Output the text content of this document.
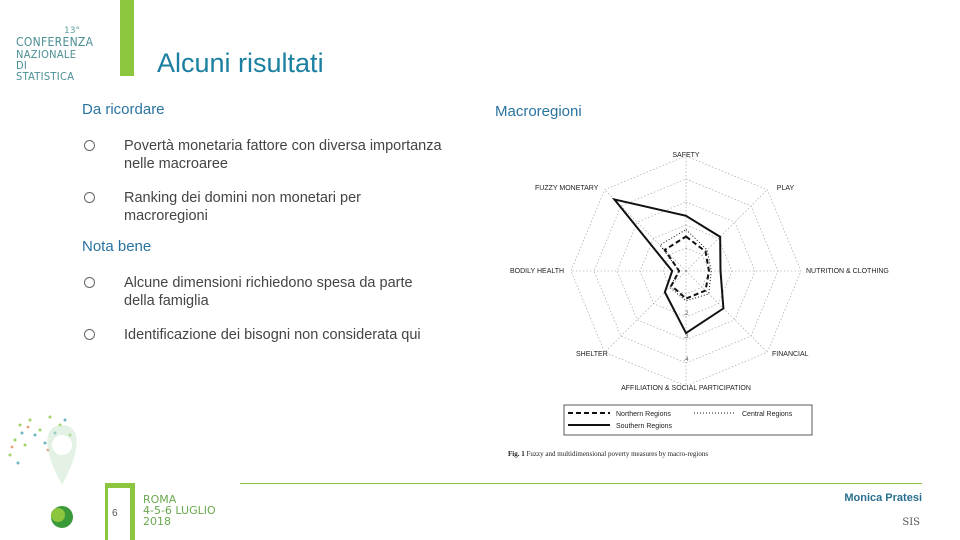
13°
CONFERENZA
NAZIONALE
DI STATISTICA	Alcuni risultati
Da ricordare
Povertà monetaria fattore con diversa importanza nelle macroaree
Ranking dei domini non monetari per macroregioni
Nota bene
Alcune dimensioni richiedono spesa da parte della famiglia
Identificazione dei bisogni non considerata qui
Macroregioni
.2
.3
.4
SAFETY
PLAY
NUTRITION & CLOTHING
FINANCIAL
AFFILIATION & SOCIAL PARTICIPATION
SHELTER
BODILY HEALTH
FUZZY MONETARY
Northern Regions	Central Regions
Southern Regions
Fig. 1 Fuzzy and multidimensional poverty measures by macro-regions
6
ROMA
4-5-6 LUGLIO
2018
Monica Pratesi
SIS
